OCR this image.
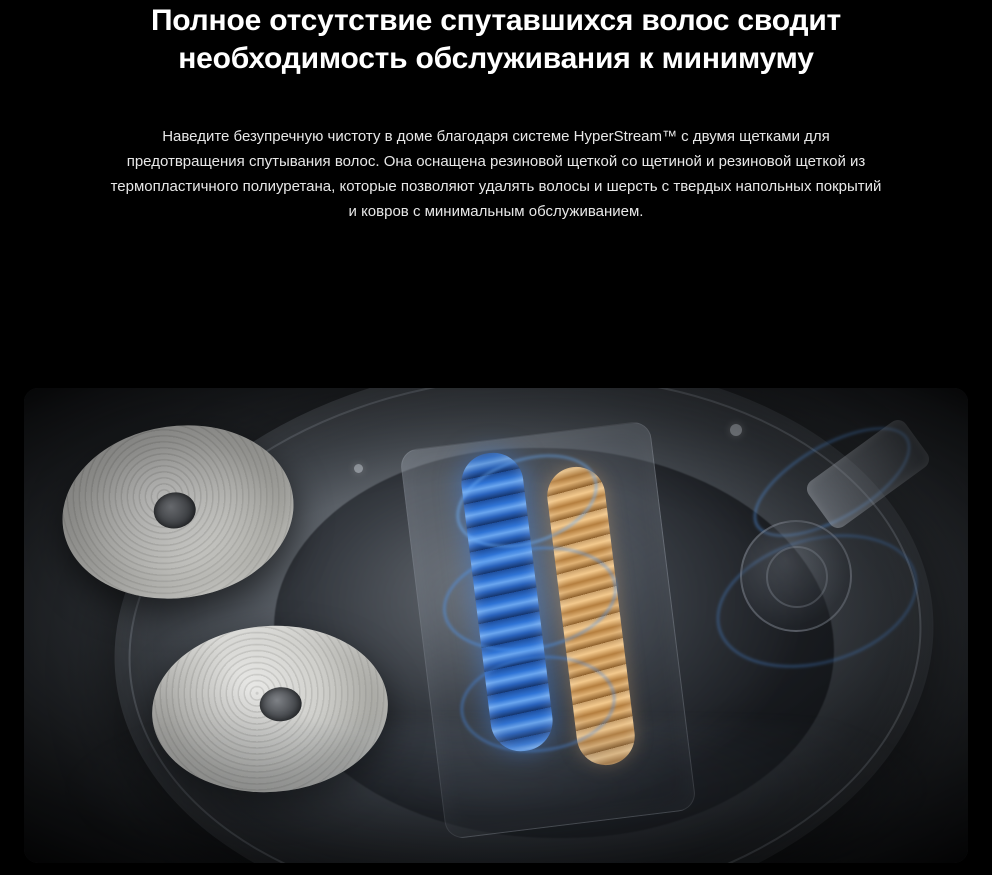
Полное отсутствие спутавшихся волос сводит необходимость обслуживания к минимуму

Наведите безупречную чистоту в доме благодаря системе HyperStream™ с двумя щетками для предотвращения спутывания волос. Она оснащена резиновой щеткой со щетиной и резиновой щеткой из термопластичного полиуретана, которые позволяют удалять волосы и шерсть с твердых напольных покрытий и ковров с минимальным обслуживанием.
